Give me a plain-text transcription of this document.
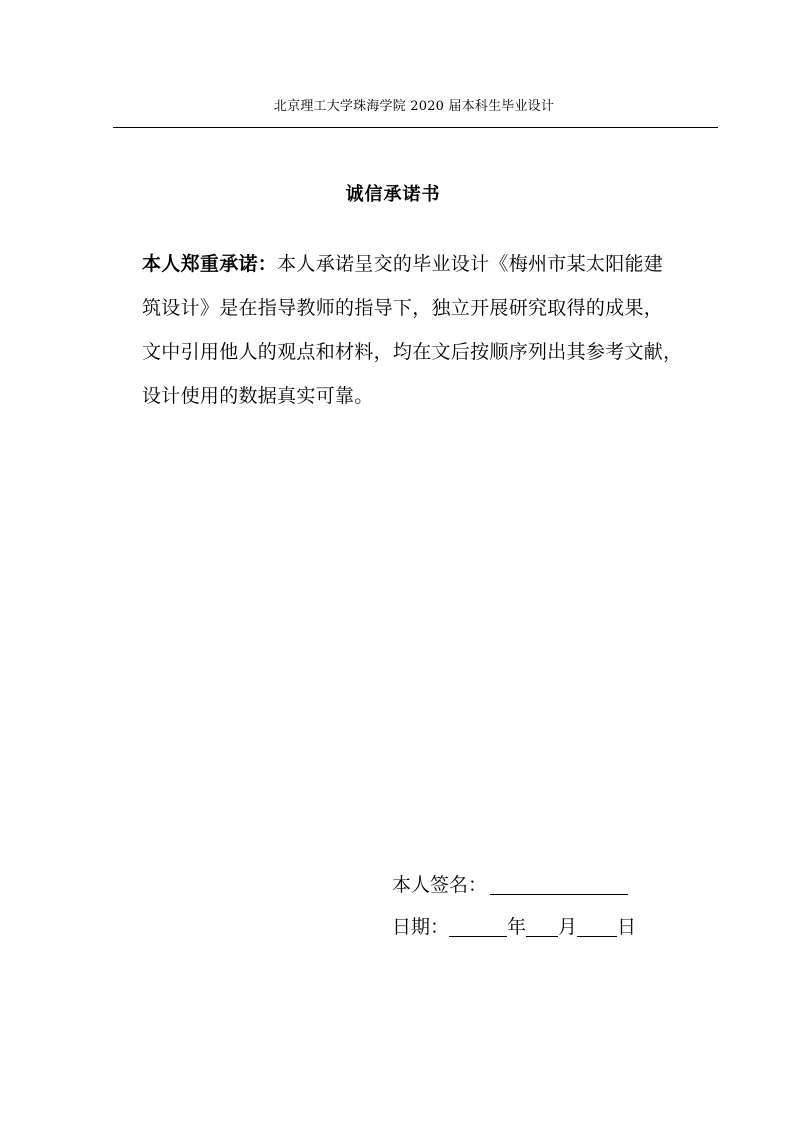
北京理工大学珠海学院 2020 届本科生毕业设计
诚信承诺书
本人郑重承诺：本人承诺呈交的毕业设计《梅州市某太阳能建
筑设计》是在指导教师的指导下，独立开展研究取得的成果，
文中引用他人的观点和材料，均在文后按顺序列出其参考文献，
设计使用的数据真实可靠。
本人签名：
日期：	年 月 日
